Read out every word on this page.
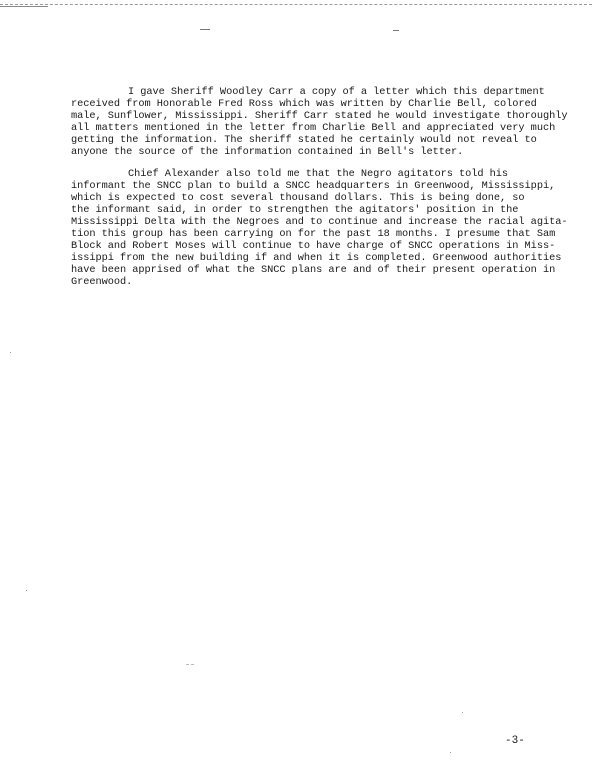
I gave Sheriff Woodley Carr a copy of a letter which this department
received from Honorable Fred Ross which was written by Charlie Bell, colored
male, Sunflower, Mississippi. Sheriff Carr stated he would investigate thoroughly
all matters mentioned in the letter from Charlie Bell and appreciated very much
getting the information. The sheriff stated he certainly would not reveal to
anyone the source of the information contained in Bell's letter.
Chief Alexander also told me that the Negro agitators told his
informant the SNCC plan to build a SNCC headquarters in Greenwood, Mississippi,
which is expected to cost several thousand dollars. This is being done, so
the informant said, in order to strengthen the agitators' position in the
Mississippi Delta with the Negroes and to continue and increase the racial agita-
tion this group has been carrying on for the past 18 months. I presume that Sam
Block and Robert Moses will continue to have charge of SNCC operations in Miss-
issippi from the new building if and when it is completed. Greenwood authorities
have been apprised of what the SNCC plans are and of their present operation in
Greenwood.
-3-
